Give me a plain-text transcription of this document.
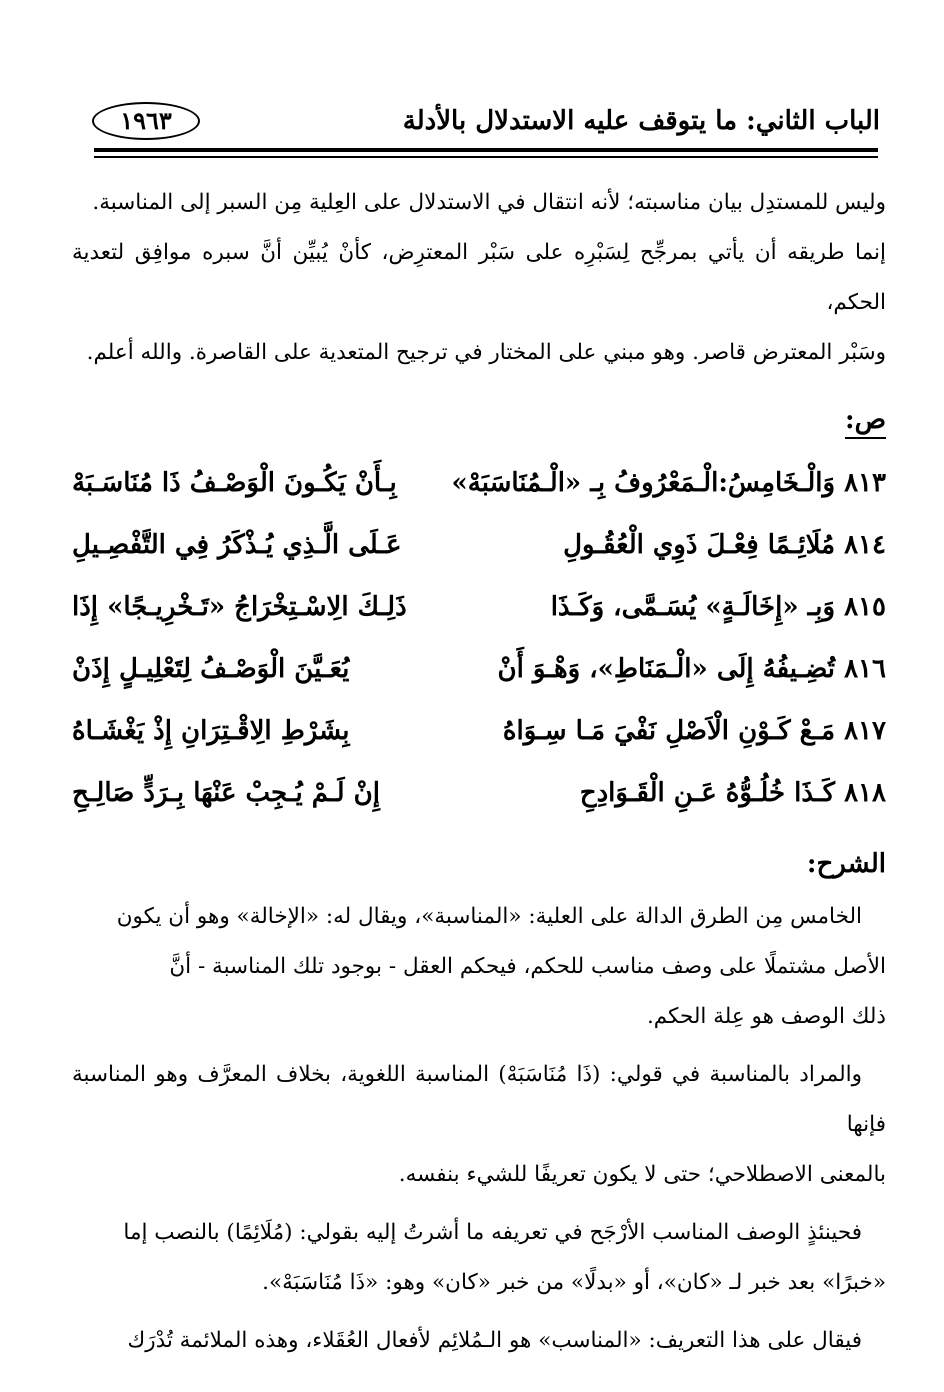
الباب الثاني: ما يتوقف عليه الاستدلال بالأدلة
١٩٦٣
وليس للمستدِل بيان مناسبته؛ لأنه انتقال في الاستدلال على العِلية مِن السبر إلى المناسبة.
إنما طريقه أن يأتي بمرجِّح لِسَبْرِه على سَبْر المعترِض، كأنْ يُبيِّن أنَّ سبره موافِق لتعدية الحكم،
وسَبْر المعترض قاصر. وهو مبني على المختار في ترجيح المتعدية على القاصرة. والله أعلم.
ص:
٨١٣ وَالْـخَامِسُ:الْـمَعْرُوفُ بِـ «الْـمُنَاسَبَهْ»
بِـأَنْ يَكُـونَ الْوَصْـفُ ذَا مُنَاسَـبَهْ
٨١٤ مُلَائِـمًا فِعْـلَ ذَوِي الْعُقُـولِ
عَـلَى الَّـذِي يُـذْكَرُ فِي التَّفْصِـيلِ
٨١٥ وَبِـ «إِخَالَـةٍ» يُسَـمَّى، وَكَـذَا
ذَلِـكَ الِاسْـتِخْرَاجُ «تَـخْرِيـجًا» إِذَا
٨١٦ تُضِـيفُهُ إِلَى «الْـمَنَاطِ»، وَهْـوَ أَنْ
يُعَـيَّنَ الْوَصْـفُ لِتَعْلِيـلٍ إِذَنْ
٨١٧ مَـعْ كَـوْنِ الْاَصْلِ نَفْيَ مَـا سِـوَاهُ
بِشَرْطِ الِاقْـتِرَانِ إِذْ يَغْشَـاهُ
٨١٨ كَـذَا خُلُـوُّهُ عَـنِ الْقَـوَادِحِ
إِنْ لَـمْ يُـجِبْ عَنْهَا بِـرَدٍّ صَالِـحِ
الشرح:
الخامس مِن الطرق الدالة على العلية: «المناسبة»، ويقال له: «الإخالة» وهو أن يكون
الأصل مشتملًا على وصف مناسب للحكم، فيحكم العقل - بوجود تلك المناسبة - أنَّ
ذلك الوصف هو عِلة الحكم.
والمراد بالمناسبة في قولي: (ذَا مُنَاسَبَهْ) المناسبة اللغوية، بخلاف المعرَّف وهو المناسبة فإنها
بالمعنى الاصطلاحي؛ حتى لا يكون تعريفًا للشيء بنفسه.
فحينئذٍ الوصف المناسب الأرْجَح في تعريفه ما أشرتُ إليه بقولي: (مُلَائِمًا) بالنصب إما
«خبرًا» بعد خبر لـ «كان»، أو «بدلًا» من خبر «كان» وهو: «ذَا مُنَاسَبَهْ».
فيقال على هذا التعريف: «المناسب» هو الـمُلائِم لأفعال العُقَلاء، وهذه الملائمة تُدْرَك
